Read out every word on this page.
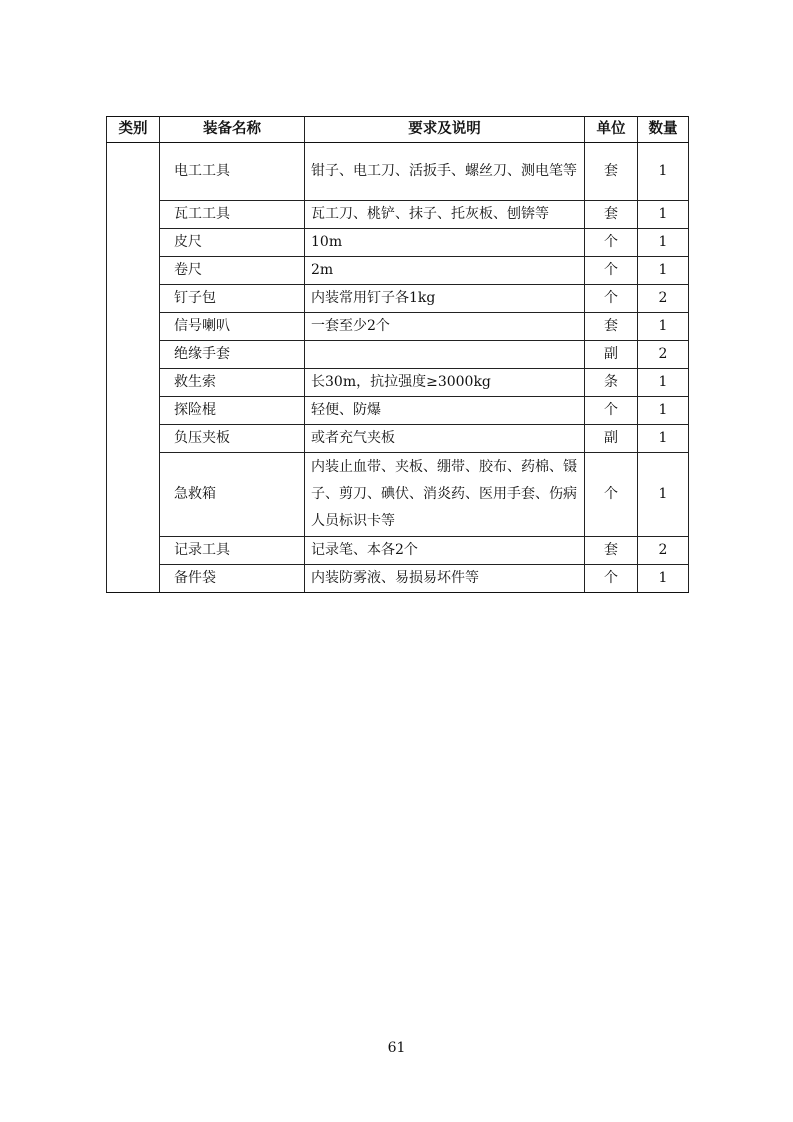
类别	装备名称	要求及说明	单位	数量
	电工工具	钳子、电工刀、活扳手、螺丝刀、测电笔等	套	1
	瓦工工具	瓦工刀、桃铲、抹子、托灰板、刨锛等	套	1
	皮尺	10m	个	1
	卷尺	2m	个	1
	钉子包	内装常用钉子各1kg	个	2
	信号喇叭	一套至少2个	套	1
	绝缘手套		副	2
	救生索	长30m，抗拉强度≥3000kg	条	1
	探险棍	轻便、防爆	个	1
	负压夹板	或者充气夹板	副	1
	急救箱	内装止血带、夹板、绷带、胶布、药棉、镊子、剪刀、碘伏、消炎药、医用手套、伤病人员标识卡等	个	1
	记录工具	记录笔、本各2个	套	2
	备件袋	内装防雾液、易损易坏件等	个	1
61
